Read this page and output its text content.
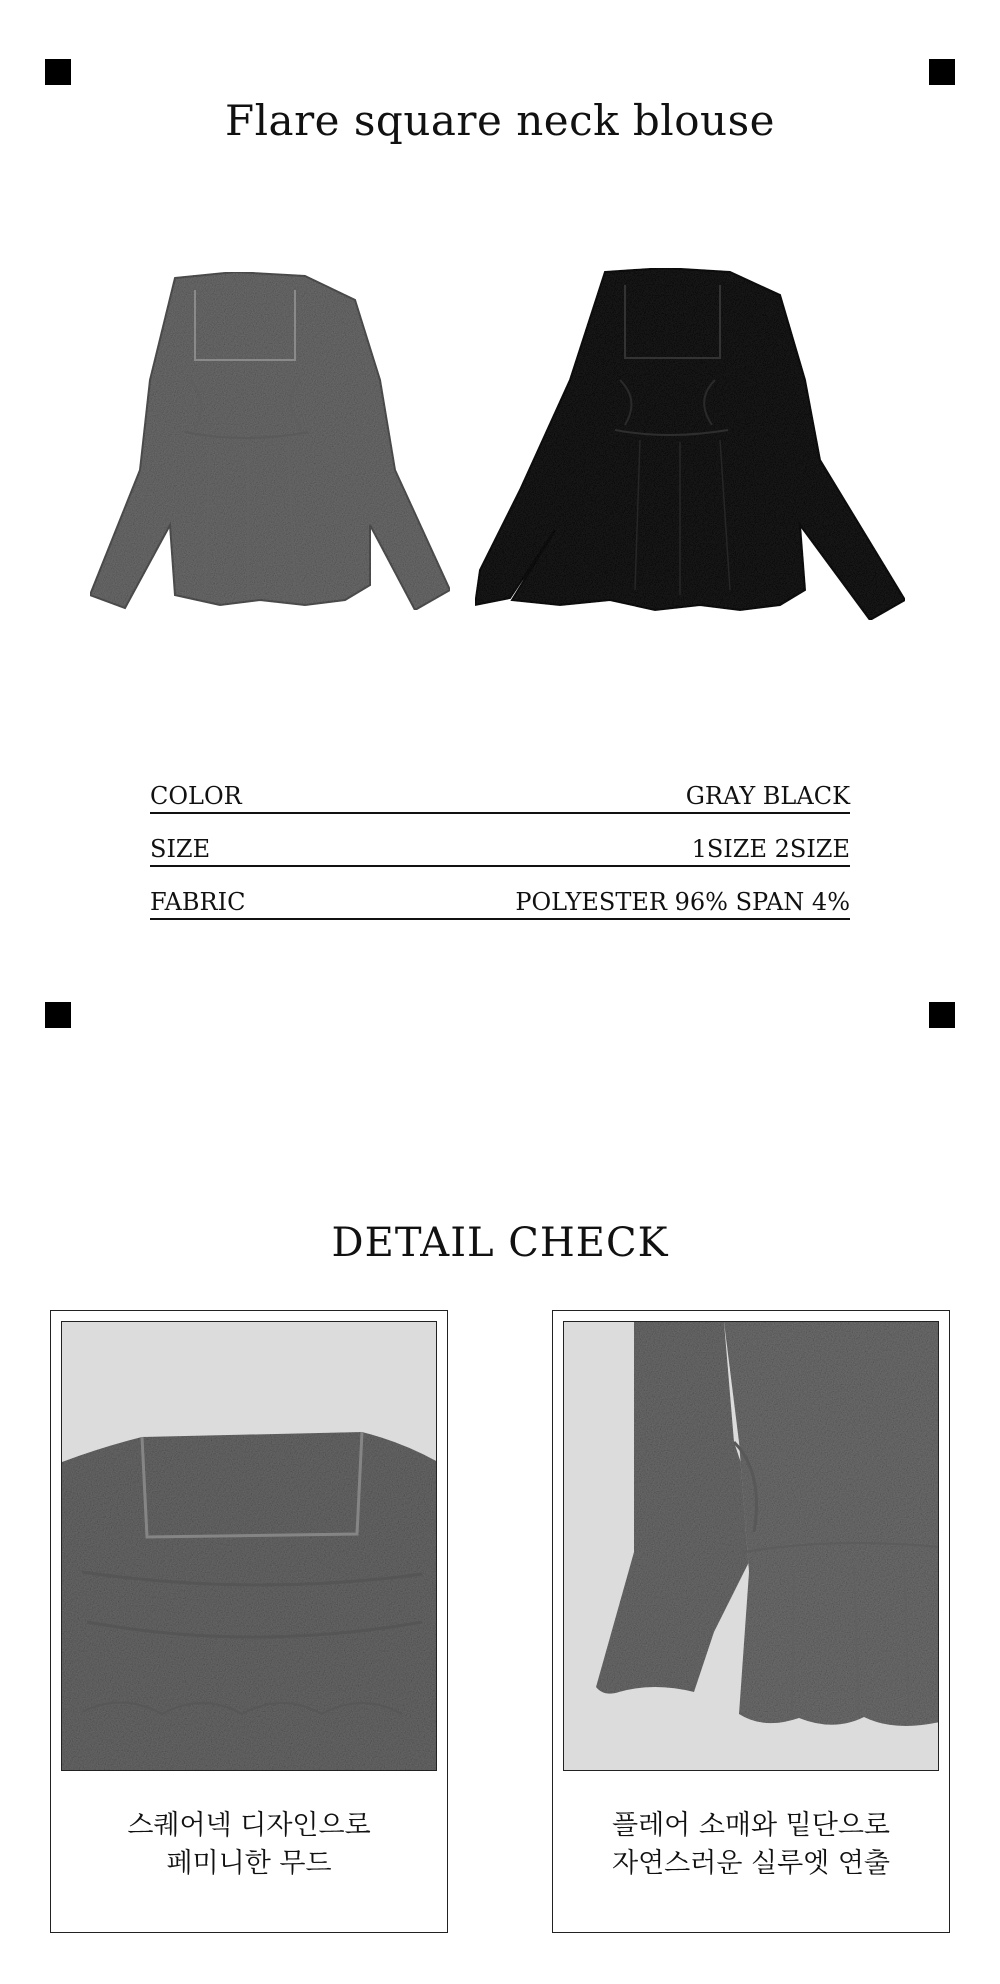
Flare square neck blouse
COLOR	GRAY BLACK
SIZE	1SIZE 2SIZE
FABRIC	POLYESTER 96% SPAN 4%
DETAIL CHECK
스퀘어넥 디자인으로
페미니한 무드
플레어 소매와 밑단으로
자연스러운 실루엣 연출
